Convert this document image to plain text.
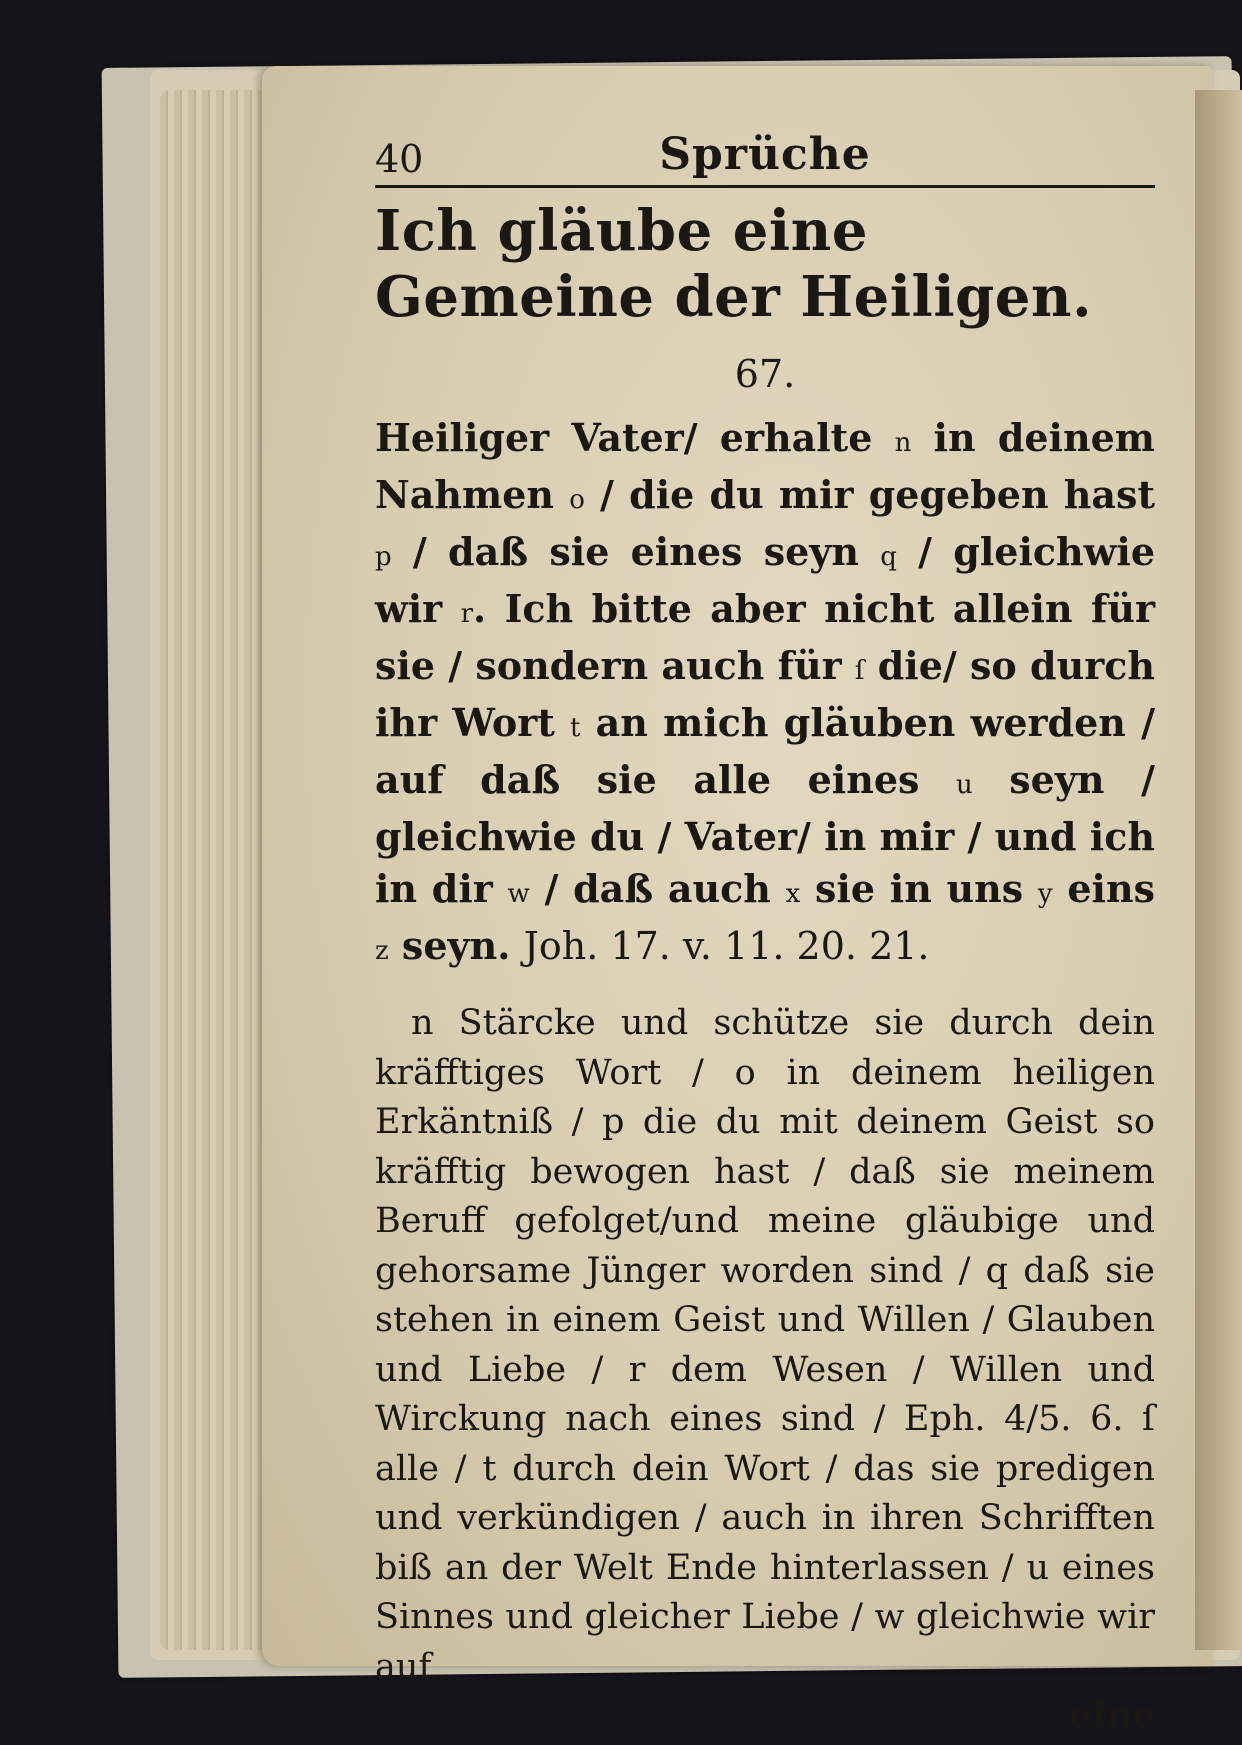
40	Sprüche
Ich gläube eine Gemeine der Heiligen.
67.
Heiliger Vater/ erhalte n in deinem Nahmen o / die du mir gegeben hast p / daß sie eines seyn q / gleichwie wir r. Ich bitte aber nicht allein für sie / sondern auch für ſ die/ so durch ihr Wort t an mich gläuben werden / auf daß sie alle eines u seyn / gleichwie du / Vater/ in mir / und ich in dir w / daß auch x sie in uns y eins z seyn. Joh. 17. v. 11. 20. 21.
n Stärcke und schütze sie durch dein kräfftiges Wort / o in deinem heiligen Erkäntniß / p die du mit deinem Geist so kräfftig bewogen hast / daß sie meinem Beruff gefolget/und meine gläubige und gehorsame Jünger worden sind / q daß sie stehen in einem Geist und Willen / Glauben und Liebe / r dem Wesen / Willen und Wirckung nach eines sind / Eph. 4/5. 6. ſ alle / t durch dein Wort / das sie predigen und verkündigen / auch in ihren Schrifften biß an der Welt Ende hinterlassen / u eines Sinnes und gleicher Liebe / w gleichwie wir auf
eine
